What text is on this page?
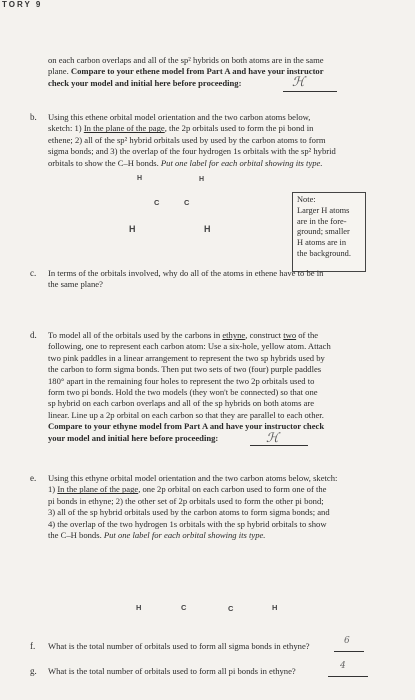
TORY 9
on each carbon overlaps and all of the sp² hybrids on both atoms are in the same
plane. Compare to your ethene model from Part A and have your instructor
check your model and initial here before proceeding:	ℋ
b. Using this ethene orbital model orientation and the two carbon atoms below,
sketch: 1) In the plane of the page, the 2p orbitals used to form the pi bond in
ethene; 2) all of the sp² hybrid orbitals used by used by the carbon atoms to form
sigma bonds; and 3) the overlap of the four hydrogen 1s orbitals with the sp² hybrid
orbitals to show the C–H bonds. Put one label for each orbital showing its type.
H	H
C	C
H	H
Note:
Larger H atoms
are in the fore-
ground; smaller
H atoms are in
the background.
c. In terms of the orbitals involved, why do all of the atoms in ethene have to be in
the same plane?
d. To model all of the orbitals used by the carbons in ethyne, construct two of the
following, one to represent each carbon atom: Use a six-hole, yellow atom. Attach
two pink paddles in a linear arrangement to represent the two sp hybrids used by
the carbon to form sigma bonds. Then put two sets of two (four) purple paddles
180° apart in the remaining four holes to represent the two 2p orbitals used to
form two pi bonds. Hold the two models (they won't be connected) so that one
sp hybrid on each carbon overlaps and all of the sp hybrids on both atoms are
linear. Line up a 2p orbital on each carbon so that they are parallel to each other.
Compare to your ethyne model from Part A and have your instructor check
your model and initial here before proceeding:	ℋ
e. Using this ethyne orbital model orientation and the two carbon atoms below, sketch:
1) In the plane of the page, one 2p orbital on each carbon used to form one of the
pi bonds in ethyne; 2) the other set of 2p orbitals used to form the other pi bond;
3) all of the sp hybrid orbitals used by the carbon atoms to form sigma bonds; and
4) the overlap of the two hydrogen 1s orbitals with the sp hybrid orbitals to show
the C–H bonds. Put one label for each orbital showing its type.
H	C	C	H
f. What is the total number of orbitals used to form all sigma bonds in ethyne?	6
g. What is the total number of orbitals used to form all pi bonds in ethyne?	4
